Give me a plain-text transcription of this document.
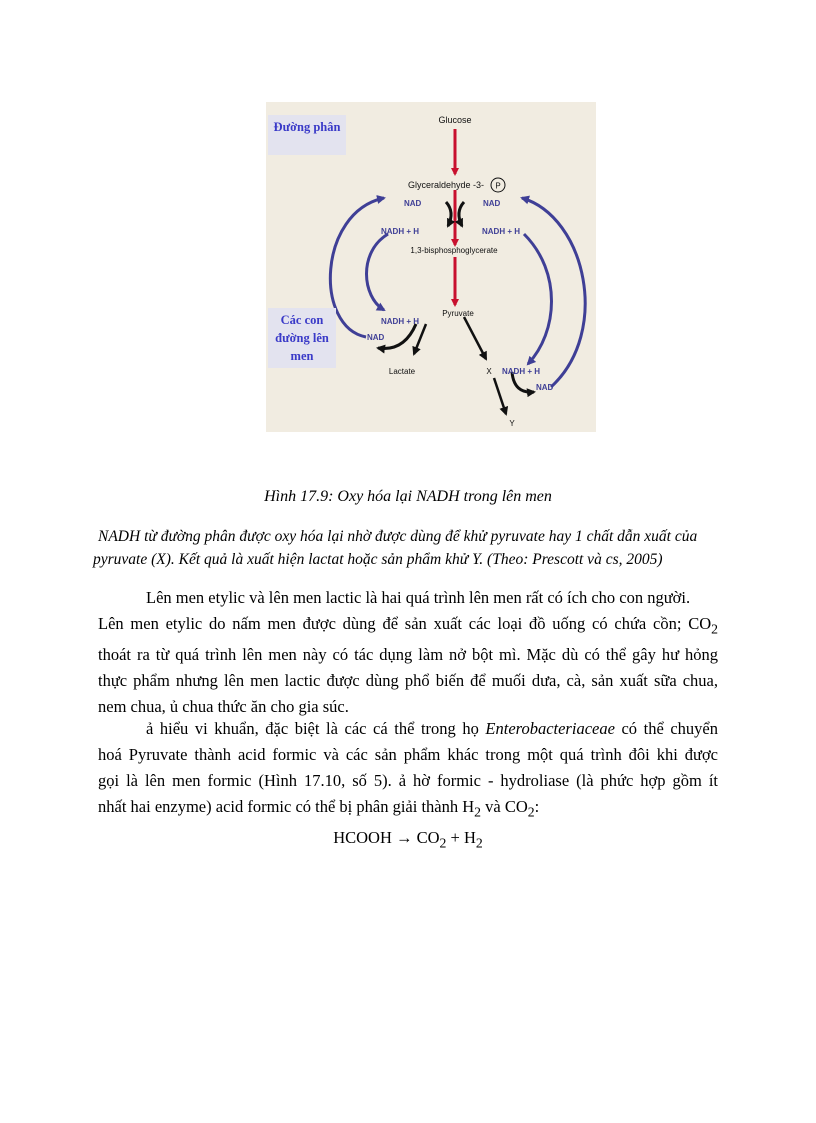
Glucose
Glyceraldehyde -3- P
NAD	NAD
NADH + H	NADH + H
1,3-bisphosphoglycerate
Pyruvate
NADH + H
NAD
Lactate	X NADH + H
NAD
Y
Đường phân
Các con
đường lên
men
Hình 17.9: Oxy hóa lại NADH trong lên men
NADH từ đường phân được oxy hóa lại nhờ được dùng để khử pyruvate hay 1 chất dẫn xuất của
pyruvate (X). Kết quả là xuất hiện lactat hoặc sản phẩm khử Y. (Theo: Prescott và cs, 2005)
Lên men etylic và lên men lactic là hai quá trình lên men rất có ích cho con người.
Lên men etylic do nấm men được dùng để sản xuất các loại đồ uống có chứa cồn; $CO_2$
thoát ra từ quá trình lên men này có tác dụng làm nở bột mì. Mặc dù có thể gây hư hỏng
thực phẩm nhưng lên men lactic được dùng phổ biến để muối dưa, cà, sản xuất sữa chua,
nem chua, ủ chua thức ăn cho gia súc.
ả hiểu vi khuẩn, đặc biệt là các cá thể trong họ Enterobacteriaceae có thể chuyển
hoá Pyruvate thành acid formic và các sản phẩm khác trong một quá trình đôi khi được
gọi là lên men formic (Hình 17.10, số 5). ả hờ formic - hydroliase (là phức hợp gồm ít
nhất hai enzyme) acid formic có thể bị phân giải thành $H_2$ và $CO_2$:
HCOOH → $CO_2 + H_2$
